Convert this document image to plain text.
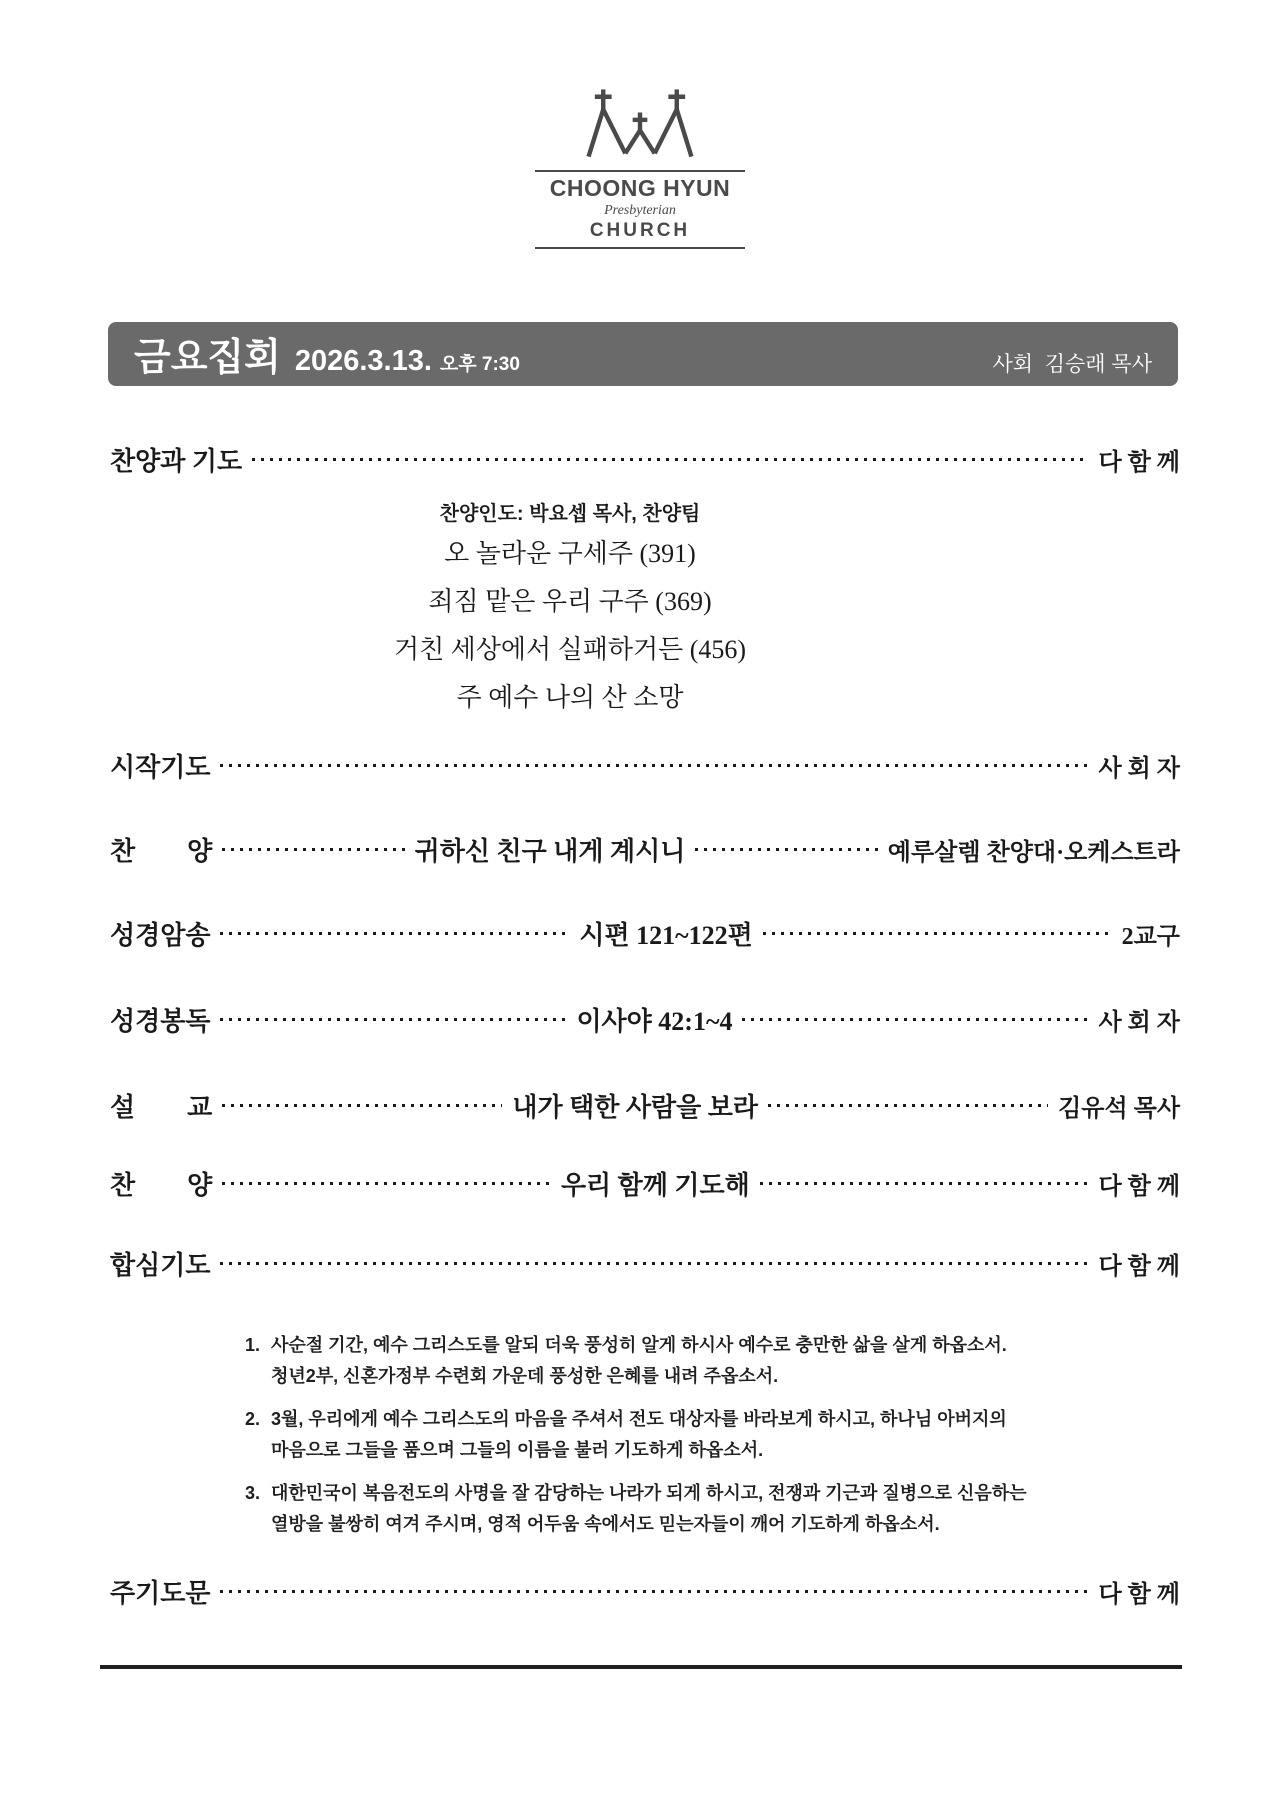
CHOONG HYUN
Presbyterian
CHURCH
금요집회 2026.3.13. 오후 7:30	사회  김승래 목사
찬양과 기도	다 함 께
찬양인도: 박요셉 목사, 찬양팀
오 놀라운 구세주 (391)
죄짐 맡은 우리 구주 (369)
거친 세상에서 실패하거든 (456)
주 예수 나의 산 소망
시작기도	사 회 자
찬　　양	귀하신 친구 내게 계시니	예루살렘 찬양대·오케스트라
성경암송	시편 121~122편	2교구
성경봉독	이사야 42:1~4	사 회 자
설　　교	내가 택한 사람을 보라	김유석 목사
찬　　양	우리 함께 기도해	다 함 께
합심기도	다 함 께
1. 사순절 기간, 예수 그리스도를 알되 더욱 풍성히 알게 하시사 예수로 충만한 삶을 살게 하옵소서.
청년2부, 신혼가정부 수련회 가운데 풍성한 은혜를 내려 주옵소서.
2. 3월, 우리에게 예수 그리스도의 마음을 주셔서 전도 대상자를 바라보게 하시고, 하나님 아버지의
마음으로 그들을 품으며 그들의 이름을 불러 기도하게 하옵소서.
3. 대한민국이 복음전도의 사명을 잘 감당하는 나라가 되게 하시고, 전쟁과 기근과 질병으로 신음하는
열방을 불쌍히 여겨 주시며, 영적 어두움 속에서도 믿는자들이 깨어 기도하게 하옵소서.
주기도문	다 함 께
